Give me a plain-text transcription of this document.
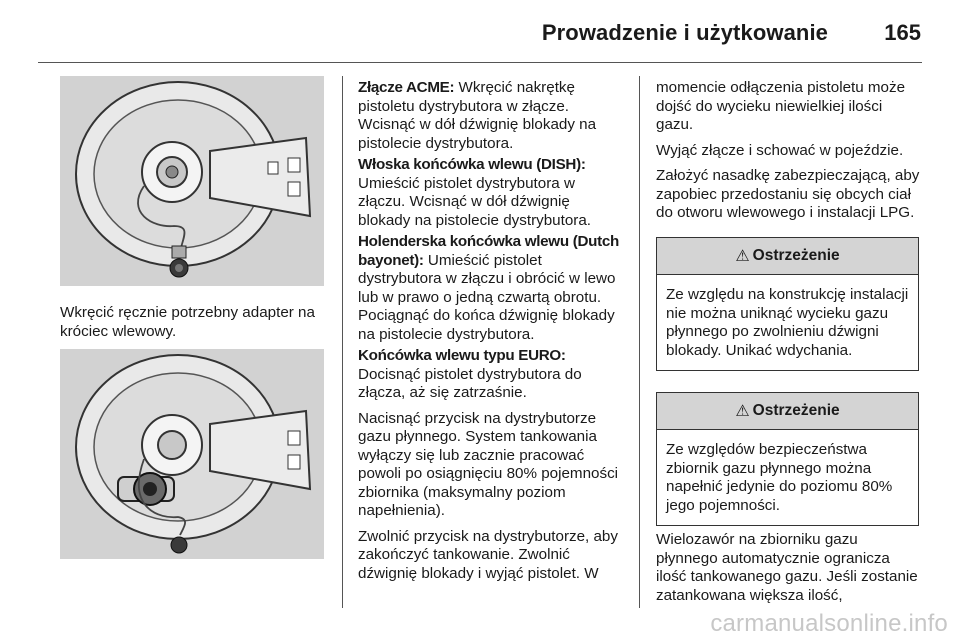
Prowadzenie i użytkowanie	165

Wkręcić ręcznie potrzebny adapter na króciec wlewowy.

Złącze ACME: Wkręcić nakrętkę pistoletu dystrybutora w złącze. Wcisnąć w dół dźwignię blokady na pistolecie dystrybutora.

Włoska końcówka wlewu (DISH): Umieścić pistolet dystrybutora w złączu. Wcisnąć w dół dźwignię blokady na pistolecie dystrybutora.

Holenderska końcówka wlewu (Dutch bayonet): Umieścić pistolet dystrybutora w złączu i obrócić w lewo lub w prawo o jedną czwartą obrotu. Pociągnąć do końca dźwignię blokady na pistolecie dystrybutora.

Końcówka wlewu typu EURO: Docisnąć pistolet dystrybutora do złącza, aż się zatrzaśnie.

Nacisnąć przycisk na dystrybutorze gazu płynnego. System tankowania wyłączy się lub zacznie pracować powoli po osiągnięciu 80% pojemności zbiornika (maksymalny poziom napełnienia).

Zwolnić przycisk na dystrybutorze, aby zakończyć tankowanie. Zwolnić dźwignię blokady i wyjąć pistolet. W

momencie odłączenia pistoletu może dojść do wycieku niewielkiej ilości gazu.

Wyjąć złącze i schować w pojeździe.

Założyć nasadkę zabezpieczającą, aby zapobiec przedostaniu się obcych ciał do otworu wlewowego i instalacji LPG.

⚠ Ostrzeżenie
Ze względu na konstrukcję instalacji nie można uniknąć wycieku gazu płynnego po zwolnieniu dźwigni blokady. Unikać wdychania.
⚠ Ostrzeżenie
Ze względów bezpieczeństwa zbiornik gazu płynnego można napełnić jedynie do poziomu 80% jego pojemności.

Wielozawór na zbiorniku gazu płynnego automatycznie ogranicza ilość tankowanego gazu. Jeśli zostanie zatankowana większa ilość,

carmanualsonline.info
